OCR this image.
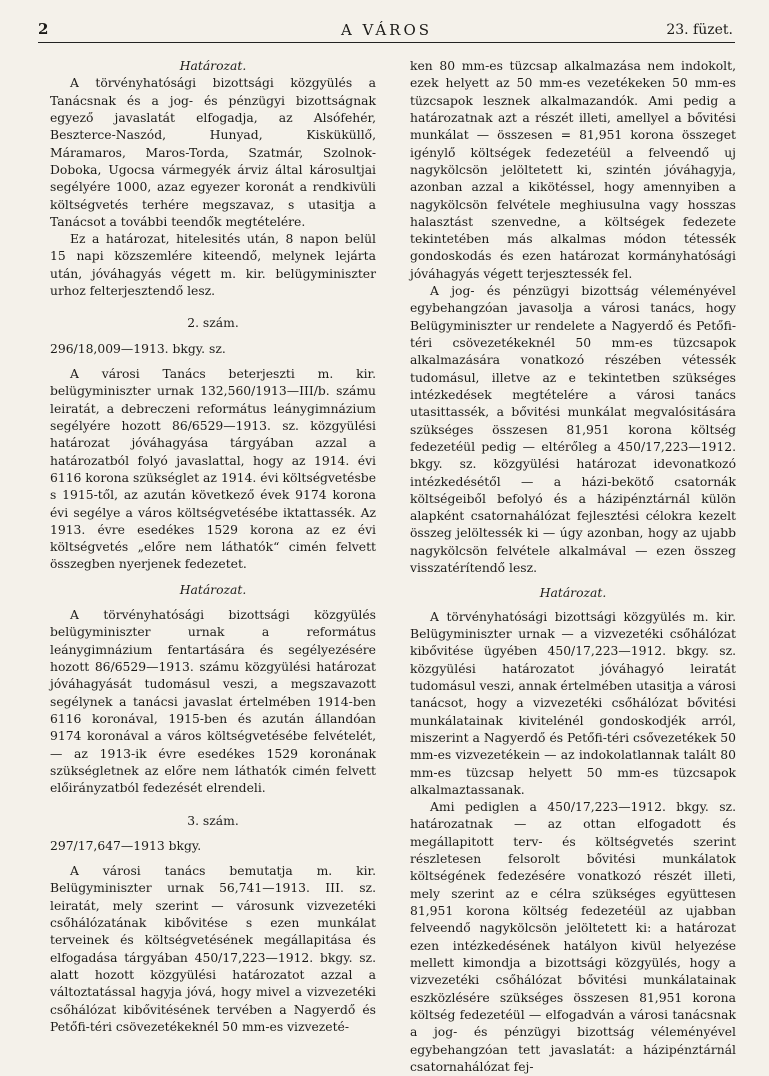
2	A VÁROS	23. füzet.

Határozat.

A törvényhatósági bizottsági közgyülés a Tanácsnak és a jog- és pénzügyi bizottságnak egyező javaslatát elfogadja, az Alsófehér, Beszterce-Naszód, Hunyad, Kisküküllő, Máramaros, Maros-Torda, Szatmár, Szolnok-Doboka, Ugocsa vármegyék árviz által károsultjai segélyére 1000, azaz egyezer koronát a rendkivüli költségvetés terhére megszavaz, s utasitja a Tanácsot a további teendők megtételére.

Ez a határozat, hitelesités után, 8 napon belül 15 napi közszemlére kiteendő, melynek lejárta után, jóváhagyás végett m. kir. belügyminiszter urhoz felterjesztendő lesz.

2. szám.

296/18,009—1913. bkgy. sz.

A városi Tanács beterjeszti m. kir. belügyminiszter urnak 132,560/1913—III/b. számu leiratát, a debreczeni református leánygimnázium segélyére hozott 86/6529—1913. sz. közgyülési határozat jóváhagyása tárgyában azzal a határozatból folyó javaslattal, hogy az 1914. évi 6116 korona szükséglet az 1914. évi költségvetésbe s 1915-től, az azután következő évek 9174 korona évi segélye a város költségvetésébe iktattassék. Az 1913. évre esedékes 1529 korona az ez évi költségvetés „előre nem láthatók“ cimén felvett összegben nyerjenek fedezetet.

Határozat.

A törvényhatósági bizottsági közgyülés belügyminiszter urnak a református leánygimnázium fentartására és segélyezésére hozott 86/6529—1913. számu közgyülési határozat jóváhagyását tudomásul veszi, a megszavazott segélynek a tanácsi javaslat értelmében 1914-ben 6116 koronával, 1915-ben és azután állandóan 9174 koronával a város költségvetésébe felvételét, — az 1913-ik évre esedékes 1529 koronának szükségletnek az előre nem láthatók cimén felvett előirányzatból fedezését elrendeli.

3. szám.

297/17,647—1913 bkgy.

A városi tanács bemutatja m. kir. Belügyminiszter urnak 56,741—1913. III. sz. leiratát, mely szerint — városunk vizvezetéki csőhálózatának kibővitése s ezen munkálat terveinek és költségvetésének megállapitása és elfogadása tárgyában 450/17,223—1912. bkgy. sz. alatt hozott közgyülési határozatot azzal a változtatással hagyja jóvá, hogy mivel a vizvezetéki csőhálózat kibővitésének tervében a Nagyerdő és Petőfi-téri csövezetékeknél 50 mm-es vizvezeté-

ken 80 mm-es tüzcsap alkalmazása nem indokolt, ezek helyett az 50 mm-es vezetékeken 50 mm-es tüzcsapok lesznek alkalmazandók. Ami pedig a határozatnak azt a részét illeti, amellyel a bővitési munkálat — összesen = 81,951 korona összeget igénylő költségek fedezetéül a felveendő uj nagykölcsön jelöltetett ki, szintén jóváhagyja, azonban azzal a kikötéssel, hogy amennyiben a nagykölcsön felvétele meghiusulna vagy hosszas halasztást szenvedne, a költségek fedezete tekintetében más alkalmas módon tétessék gondoskodás és ezen határozat kormányhatósági jóváhagyás végett terjesztessék fel.

A jog- és pénzügyi bizottság véleményével egybehangzóan javasolja a városi tanács, hogy Belügyminiszter ur rendelete a Nagyerdő és Petőfi-téri csövezetékeknél 50 mm-es tüzcsapok alkalmazására vonatkozó részében vétessék tudomásul, illetve az e tekintetben szükséges intézkedések megtételére a városi tanács utasittassék, a bővitési munkálat megvalósitására szükséges összesen 81,951 korona költség fedezetéül pedig — eltérőleg a 450/17,223—1912. bkgy. sz. közgyülési határozat idevonatkozó intézkedésétől — a házi-bekötő csatornák költségeiből befolyó és a házipénztárnál külön alapként csatornahálózat fejlesztési célokra kezelt összeg jelöltessék ki — úgy azonban, hogy az ujabb nagykölcsön felvétele alkalmával — ezen összeg visszatérítendő lesz.

Határozat.

A törvényhatósági bizottsági közgyülés m. kir. Belügyminiszter urnak — a vizvezetéki csőhálózat kibővitése ügyében 450/17,223—1912. bkgy. sz. közgyülési határozatot jóváhagyó leiratát tudomásul veszi, annak értelmében utasitja a városi tanácsot, hogy a vizvezetéki csőhálózat bővitési munkálatainak kivitelénél gondoskodjék arról, miszerint a Nagyerdő és Petőfi-téri csővezetékek 50 mm-es vizvezetékein — az indokolatlannak talált 80 mm-es tüzcsap helyett 50 mm-es tüzcsapok alkalmaztassanak.

Ami pediglen a 450/17,223—1912. bkgy. sz. határozatnak — az ottan elfogadott és megállapitott terv- és költségvetés szerint részletesen felsorolt bővitési munkálatok költségének fedezésére vonatkozó részét illeti, mely szerint az e célra szükséges együttesen 81,951 korona költség fedezetéül az ujabban felveendő nagykölcsön jelöltetett ki: a határozat ezen intézkedésének hatályon kivül helyezése mellett kimondja a bizottsági közgyülés, hogy a vizvezetéki csőhálózat bővitési munkálatainak eszközlésére szükséges összesen 81,951 korona költség fedezetéül — elfogadván a városi tanácsnak a jog- és pénzügyi bizottság véleményével egybehangzóan tett javaslatát: a házipénztárnál csatornahálózat fej-
